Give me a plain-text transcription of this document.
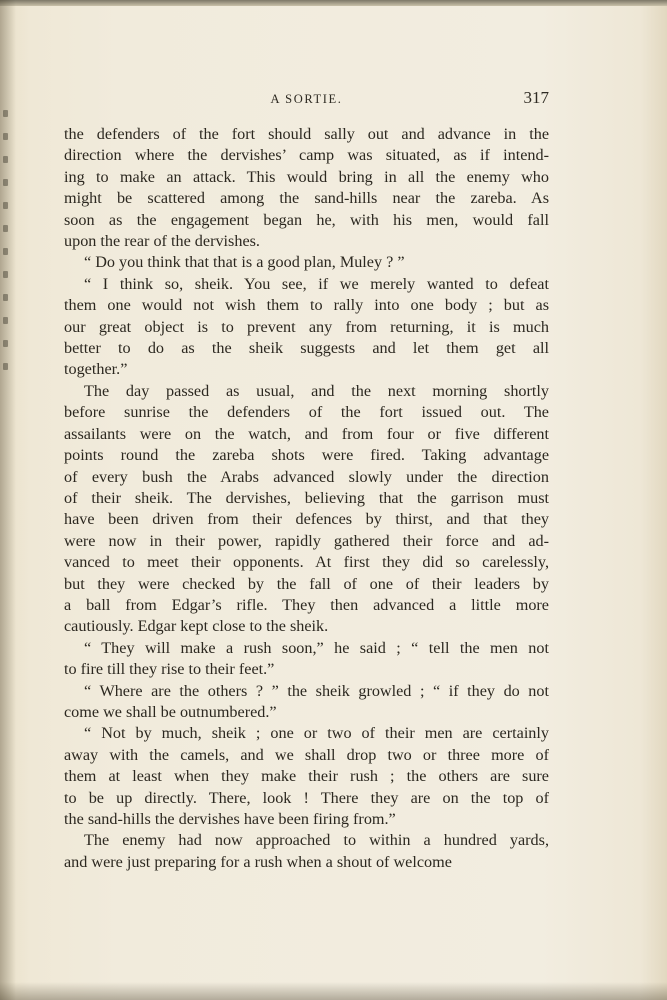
A SORTIE.	317
the defenders of the fort should sally out and advance in the
direction where the dervishes’ camp was situated, as if intend-
ing to make an attack. This would bring in all the enemy who
might be scattered among the sand-hills near the zareba. As
soon as the engagement began he, with his men, would fall
upon the rear of the dervishes.
“ Do you think that that is a good plan, Muley ? ”
“ I think so, sheik. You see, if we merely wanted to defeat
them one would not wish them to rally into one body ; but as
our great object is to prevent any from returning, it is much
better to do as the sheik suggests and let them get all
together.”
The day passed as usual, and the next morning shortly
before sunrise the defenders of the fort issued out. The
assailants were on the watch, and from four or five different
points round the zareba shots were fired. Taking advantage
of every bush the Arabs advanced slowly under the direction
of their sheik. The dervishes, believing that the garrison must
have been driven from their defences by thirst, and that they
were now in their power, rapidly gathered their force and ad-
vanced to meet their opponents. At first they did so carelessly,
but they were checked by the fall of one of their leaders by
a ball from Edgar’s rifle. They then advanced a little more
cautiously. Edgar kept close to the sheik.
“ They will make a rush soon,” he said ; “ tell the men not
to fire till they rise to their feet.”
“ Where are the others ? ” the sheik growled ; “ if they do not
come we shall be outnumbered.”
“ Not by much, sheik ; one or two of their men are certainly
away with the camels, and we shall drop two or three more of
them at least when they make their rush ; the others are sure
to be up directly. There, look ! There they are on the top of
the sand-hills the dervishes have been firing from.”
The enemy had now approached to within a hundred yards,
and were just preparing for a rush when a shout of welcome
